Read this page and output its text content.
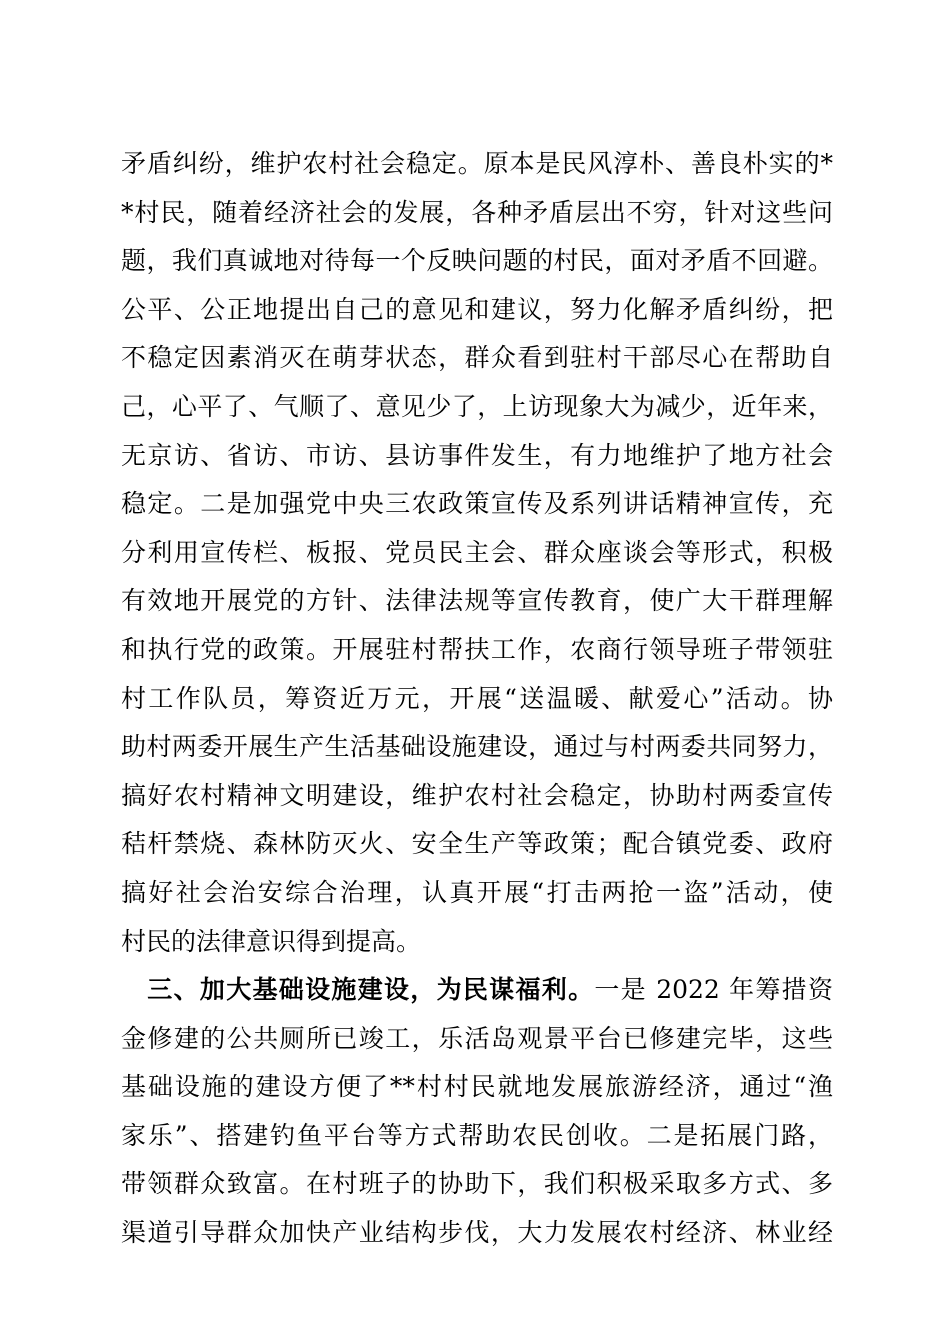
矛盾纠纷，维护农村社会稳定。原本是民风淳朴、善良朴实的*
*村民，随着经济社会的发展，各种矛盾层出不穷，针对这些问
题，我们真诚地对待每一个反映问题的村民，面对矛盾不回避。
公平、公正地提出自己的意见和建议，努力化解矛盾纠纷，把
不稳定因素消灭在萌芽状态，群众看到驻村干部尽心在帮助自
己，心平了、气顺了、意见少了，上访现象大为减少，近年来，
无京访、省访、市访、县访事件发生，有力地维护了地方社会
稳定。二是加强党中央三农政策宣传及系列讲话精神宣传，充
分利用宣传栏、板报、党员民主会、群众座谈会等形式，积极
有效地开展党的方针、法律法规等宣传教育，使广大干群理解
和执行党的政策。开展驻村帮扶工作，农商行领导班子带领驻
村工作队员，筹资近万元，开展“送温暖、献爱心”活动。协
助村两委开展生产生活基础设施建设，通过与村两委共同努力，
搞好农村精神文明建设，维护农村社会稳定，协助村两委宣传
秸杆禁烧、森林防灭火、安全生产等政策；配合镇党委、政府
搞好社会治安综合治理，认真开展“打击两抢一盗”活动，使
村民的法律意识得到提高。
三、加大基础设施建设，为民谋福利。一是 2022 年筹措资
金修建的公共厕所已竣工，乐活岛观景平台已修建完毕，这些
基础设施的建设方便了**村村民就地发展旅游经济，通过“渔
家乐”、搭建钓鱼平台等方式帮助农民创收。二是拓展门路，
带领群众致富。在村班子的协助下，我们积极采取多方式、多
渠道引导群众加快产业结构步伐，大力发展农村经济、林业经
